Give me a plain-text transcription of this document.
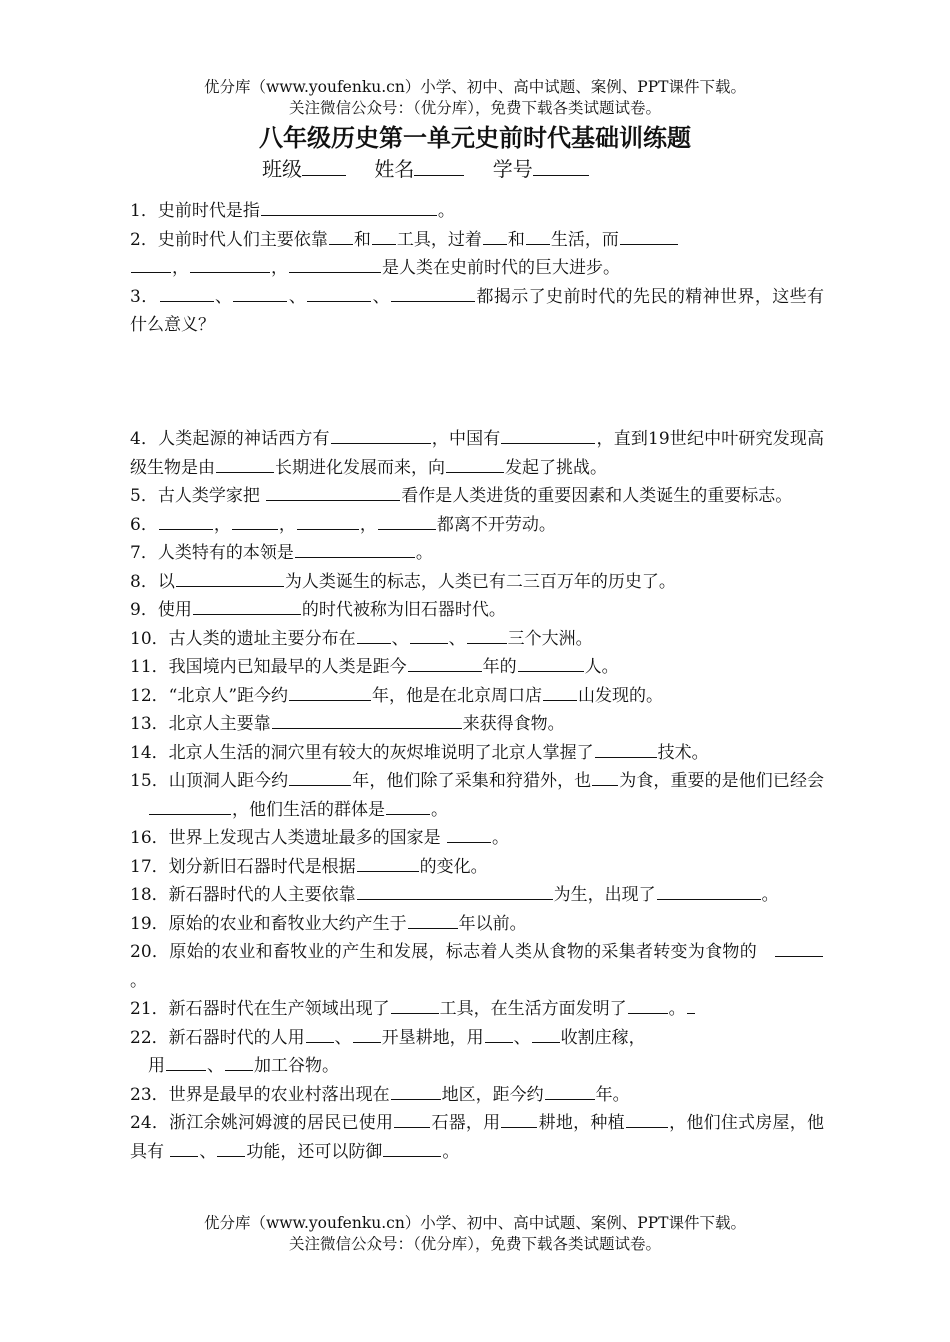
优分库（www.youfenku.cn）小学、初中、高中试题、案例、PPT课件下载。
关注微信公众号：（优分库），免费下载各类试题试卷。
八年级历史第一单元史前时代基础训练题
班级	姓名	学号
1．史前时代是指	。
2．史前时代人们主要依靠 和 工具，过着 和 生活，而
，	，	是人类在史前时代的巨大进步。
3．	、	、	、	都揭示了史前时代的先民的精神世界，这些有什么意义？
4．人类起源的神话西方有	，中国有	，直到19世纪中叶研究发现高级生物是由	长期进化发展而来，向	发起了挑战。
5．古人类学家把	看作是人类进货的重要因素和人类诞生的重要标志。
6．	，	，	，	都离不开劳动。
7．人类特有的本领是	。
8．以	为人类诞生的标志，人类已有二三百万年的历史了。
9．使用	的时代被称为旧石器时代。
10．古人类的遗址主要分布在 、 、 三个大洲。
11．我国境内已知最早的人类是距今	年的	人。
12．“北京人”距今约	年，他是在北京周口店 山发现的。
13．北京人主要靠	来获得食物。
14．北京人生活的洞穴里有较大的灰烬堆说明了北京人掌握了	技术。
15．山顶洞人距今约	年，他们除了采集和狩猎外，也 为食，重要的是他们已经会，他们生活的群体是	。
16．世界上发现古人类遗址最多的国家是	。
17．划分新旧石器时代是根据	的变化。
18．新石器时代的人主要依靠	为生，出现了	。
19．原始的农业和畜牧业大约产生于	年以前。
20．原始的农业和畜牧业的产生和发展，标志着人类从食物的采集者转变为食物的。
21．新石器时代在生产领域出现了	工具，在生活方面发明了 。
22．新石器时代的人用 、 开垦耕地，用 、 收割庄稼，
用 、 加工谷物。
23．世界是最早的农业村落出现在	地区，距今约	年。
24．浙江余姚河姆渡的居民已使用 石器，用 耕地，种植	，他们住式房屋，他具有 、 功能，还可以防御	。
优分库（www.youfenku.cn）小学、初中、高中试题、案例、PPT课件下载。
关注微信公众号：（优分库），免费下载各类试题试卷。
